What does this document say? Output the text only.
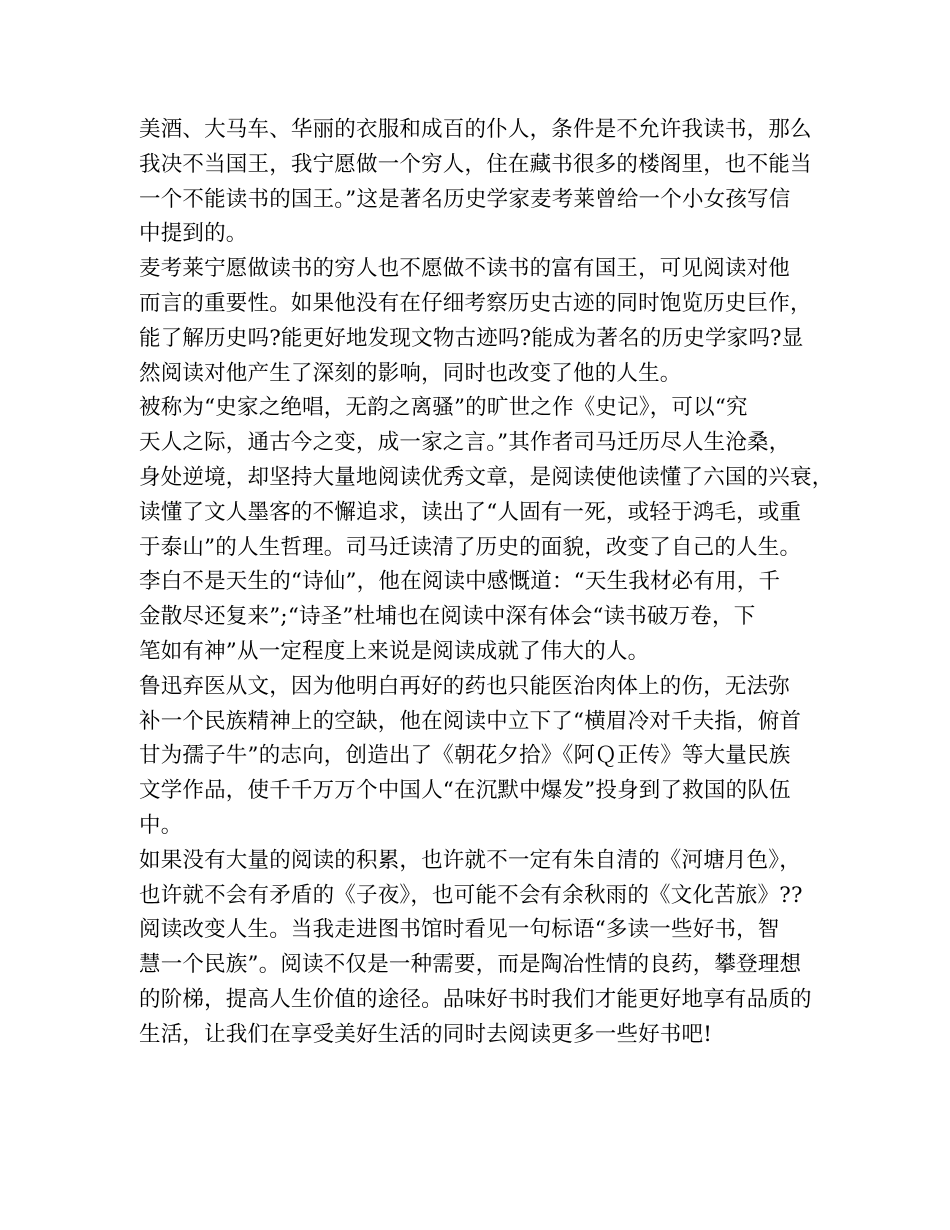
美酒、大马车、华丽的衣服和成百的仆人，条件是不允许我读书，那么
我决不当国王，我宁愿做一个穷人，住在藏书很多的楼阁里，也不能当
一个不能读书的国王。”这是著名历史学家麦考莱曾给一个小女孩写信
中提到的。
麦考莱宁愿做读书的穷人也不愿做不读书的富有国王，可见阅读对他
而言的重要性。如果他没有在仔细考察历史古迹的同时饱览历史巨作，
能了解历史吗?能更好地发现文物古迹吗?能成为著名的历史学家吗?显
然阅读对他产生了深刻的影响，同时也改变了他的人生。
被称为“史家之绝唱，无韵之离骚”的旷世之作《史记》，可以“究
天人之际，通古今之变，成一家之言。”其作者司马迁历尽人生沧桑，
身处逆境，却坚持大量地阅读优秀文章，是阅读使他读懂了六国的兴衰，
读懂了文人墨客的不懈追求，读出了“人固有一死，或轻于鸿毛，或重
于泰山”的人生哲理。司马迁读清了历史的面貌，改变了自己的人生。
李白不是天生的“诗仙”，他在阅读中感慨道：“天生我材必有用，千
金散尽还复来”;“诗圣”杜埔也在阅读中深有体会“读书破万卷，下
笔如有神”从一定程度上来说是阅读成就了伟大的人。
鲁迅弃医从文，因为他明白再好的药也只能医治肉体上的伤，无法弥
补一个民族精神上的空缺，他在阅读中立下了“横眉冷对千夫指，俯首
甘为孺子牛”的志向，创造出了《朝花夕拾》《阿Ｑ正传》等大量民族
文学作品，使千千万万个中国人“在沉默中爆发”投身到了救国的队伍
中。
如果没有大量的阅读的积累，也许就不一定有朱自清的《河塘月色》，
也许就不会有矛盾的《子夜》，也可能不会有余秋雨的《文化苦旅》??
阅读改变人生。当我走进图书馆时看见一句标语“多读一些好书，智
慧一个民族”。阅读不仅是一种需要，而是陶冶性情的良药，攀登理想
的阶梯，提高人生价值的途径。品味好书时我们才能更好地享有品质的
生活，让我们在享受美好生活的同时去阅读更多一些好书吧!
